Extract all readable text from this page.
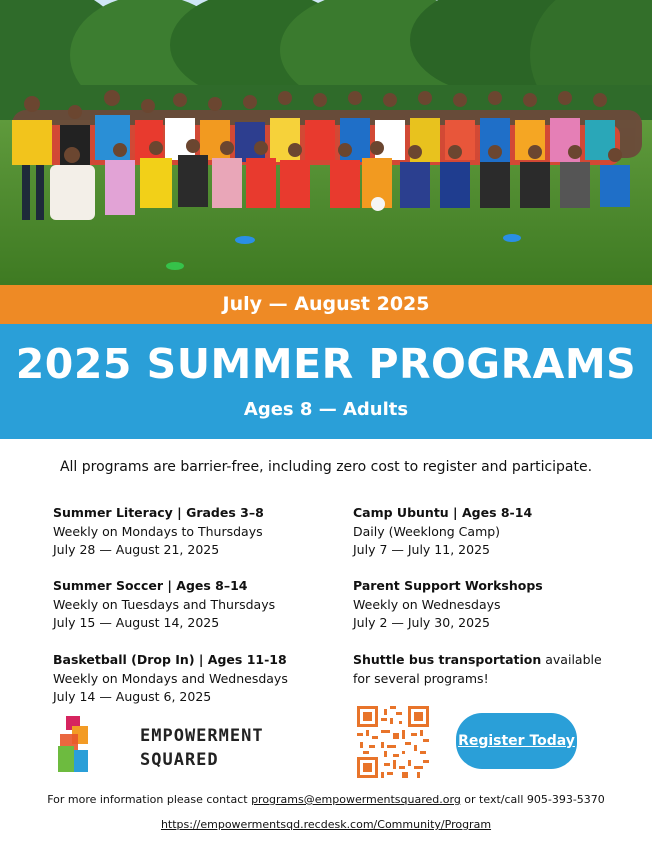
July — August 2025
2025 SUMMER PROGRAMS
Ages 8 — Adults
All programs are barrier-free, including zero cost to register and participate.
Summer Literacy | Grades 3–8
Weekly on Mondays to Thursdays
July 28 — August 21, 2025
Summer Soccer | Ages 8–14
Weekly on Tuesdays and Thursdays
July 15 — August 14, 2025
Basketball (Drop In) | Ages 11-18
Weekly on Mondays and Wednesdays
July 14 — August 6, 2025
Camp Ubuntu | Ages 8-14
Daily (Weeklong Camp)
July 7 — July 11, 2025
Parent Support Workshops
Weekly on Wednesdays
July 2 — July 30, 2025
Shuttle bus transportation available for several programs!
EMPOWERMENT
SQUARED
Register Today
For more information please contact programs@empowermentsquared.org or text/call 905-393-5370
https://empowermentsqd.recdesk.com/Community/Program
